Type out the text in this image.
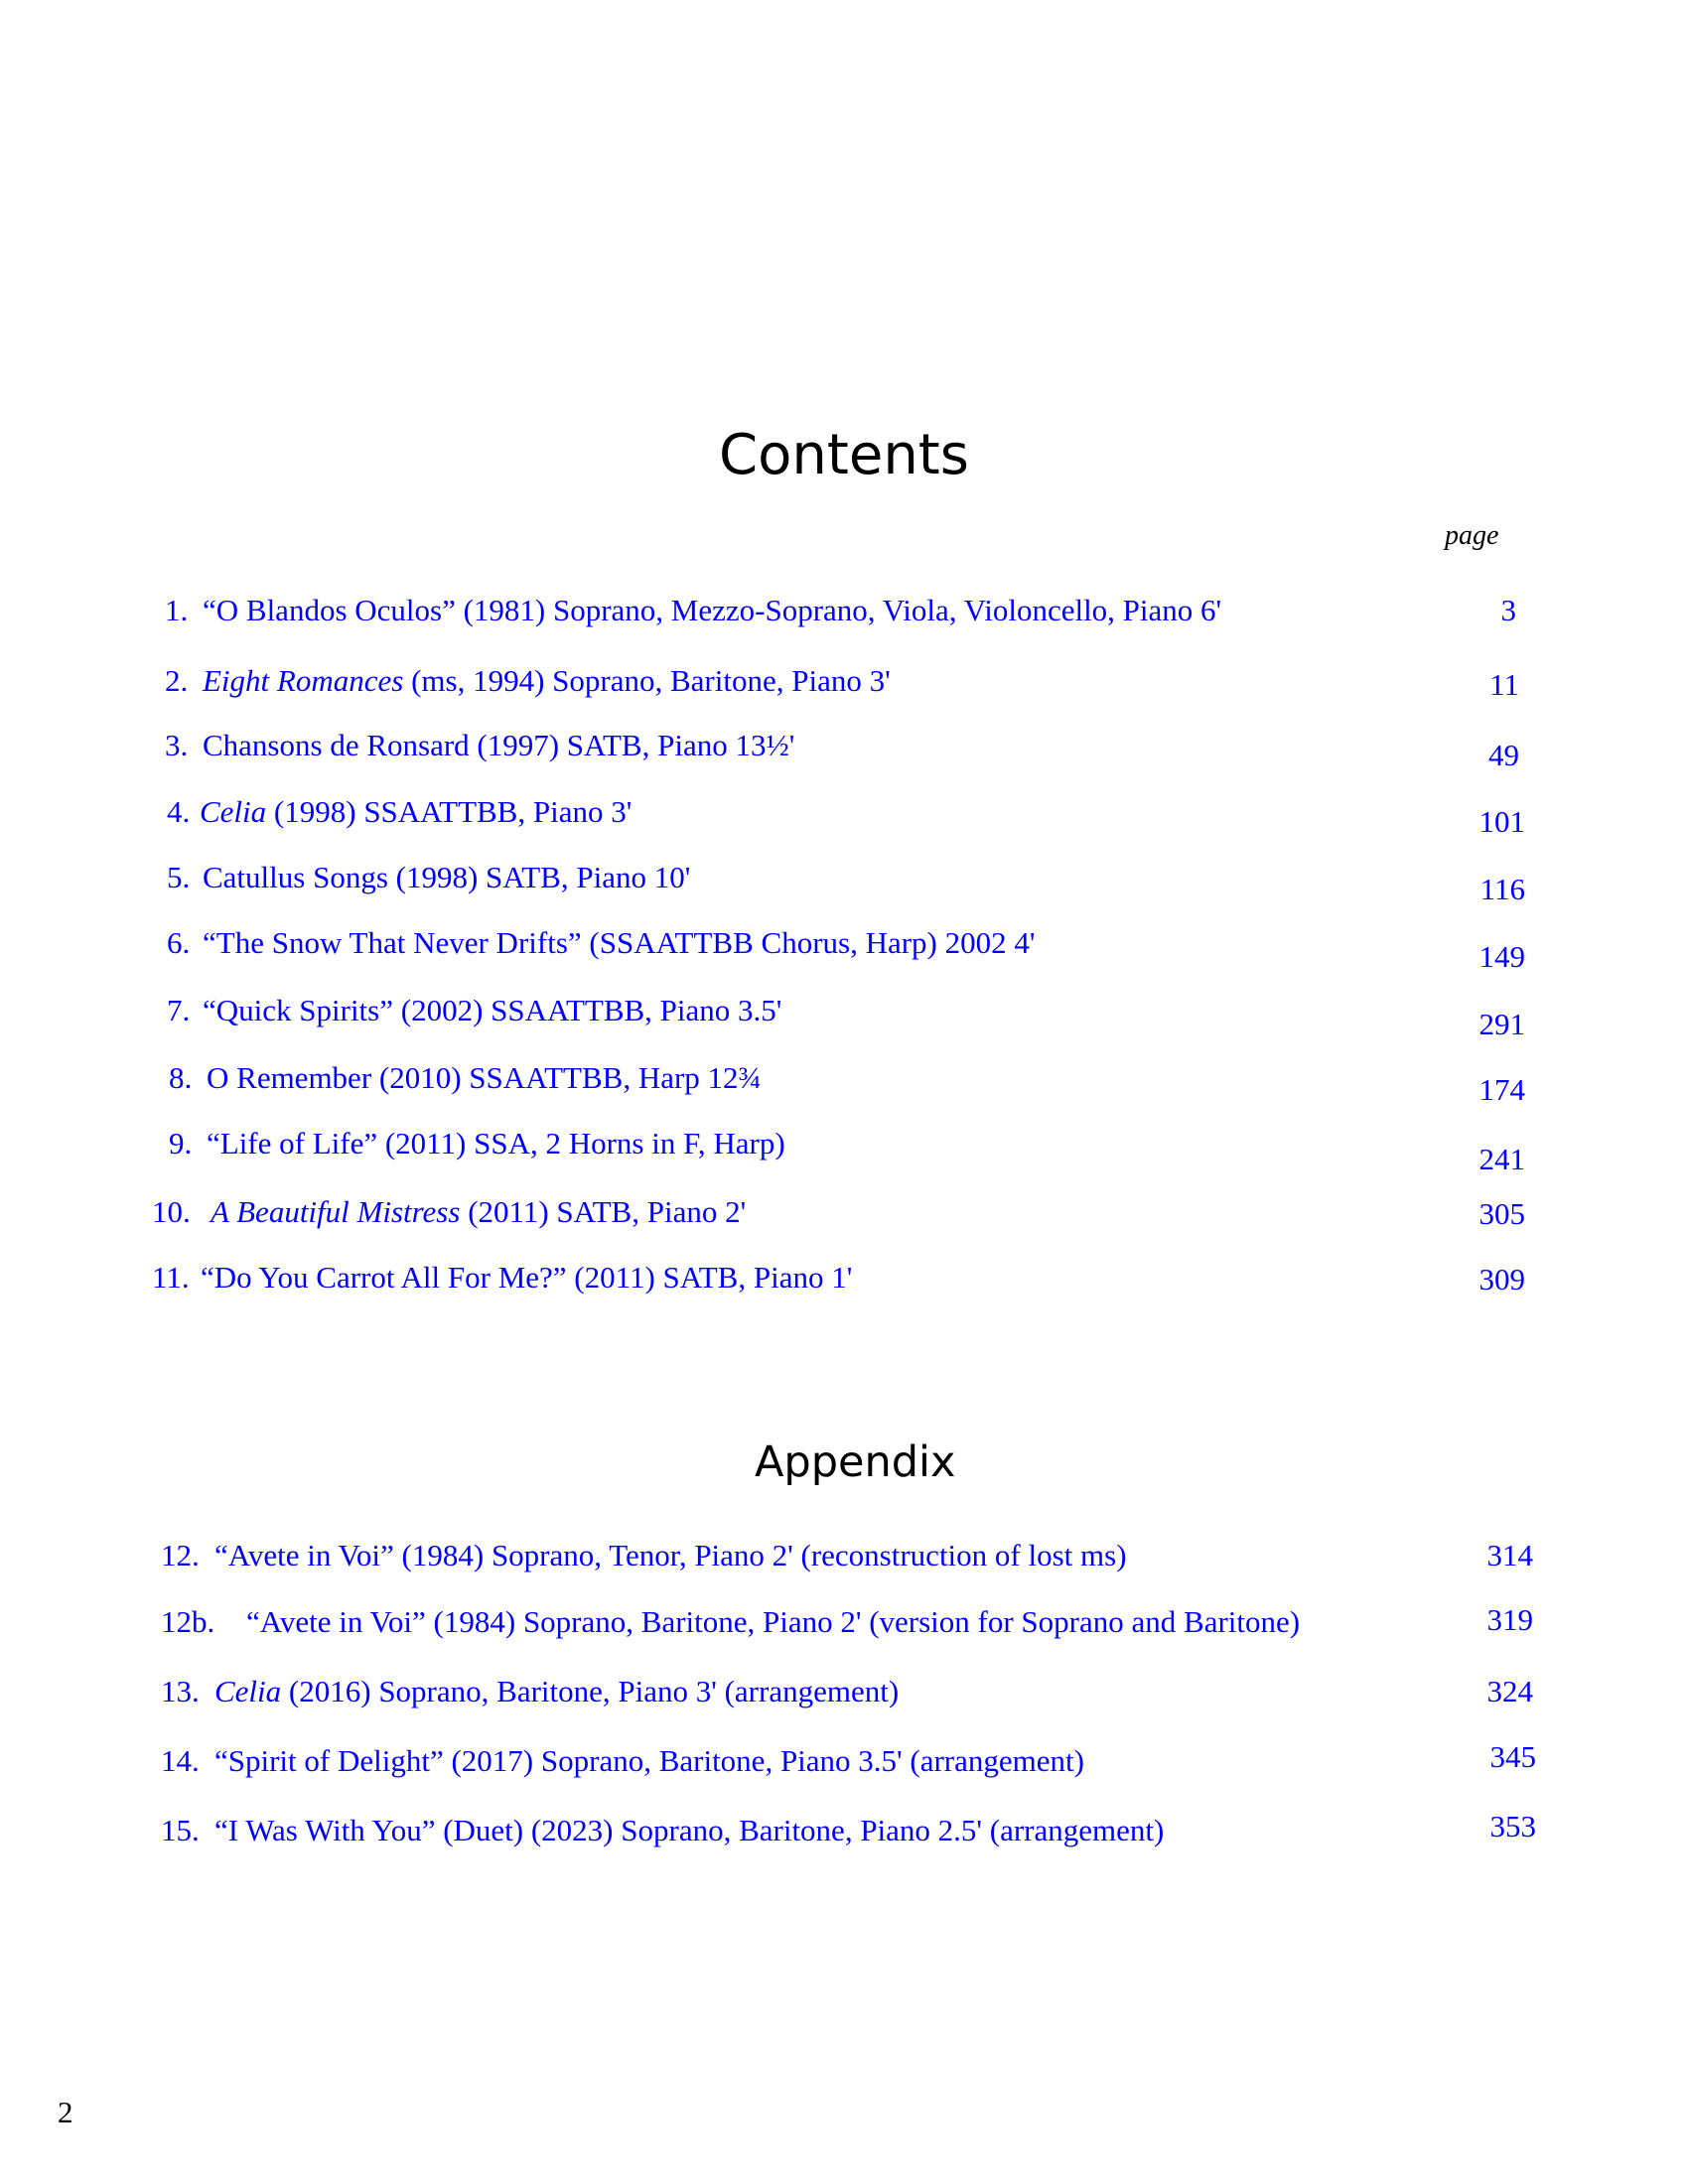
Contents
page
1. “O Blandos Oculos” (1981) Soprano, Mezzo-Soprano, Viola, Violoncello, Piano 6'	3
2. Eight Romances (ms, 1994) Soprano, Baritone, Piano 3'	11
3. Chansons de Ronsard (1997) SATB, Piano 13½'	49
4. Celia (1998) SSAATTBB, Piano 3'	101
5. Catullus Songs (1998) SATB, Piano 10'	116
6. “The Snow That Never Drifts” (SSAATTBB Chorus, Harp) 2002 4'	149
7. “Quick Spirits” (2002) SSAATTBB, Piano 3.5'	291
8. O Remember (2010) SSAATTBB, Harp 12¾	174
9. “Life of Life” (2011) SSA, 2 Horns in F, Harp)	241
10. A Beautiful Mistress (2011) SATB, Piano 2'	305
11. “Do You Carrot All For Me?” (2011) SATB, Piano 1'	309
Appendix
12. “Avete in Voi” (1984) Soprano, Tenor, Piano 2' (reconstruction of lost ms)	314
12b. “Avete in Voi” (1984) Soprano, Baritone, Piano 2' (version for Soprano and Baritone)	319
13. Celia (2016) Soprano, Baritone, Piano 3' (arrangement)	324
14. “Spirit of Delight” (2017) Soprano, Baritone, Piano 3.5' (arrangement)	345
15. “I Was With You” (Duet) (2023) Soprano, Baritone, Piano 2.5' (arrangement)	353
2
